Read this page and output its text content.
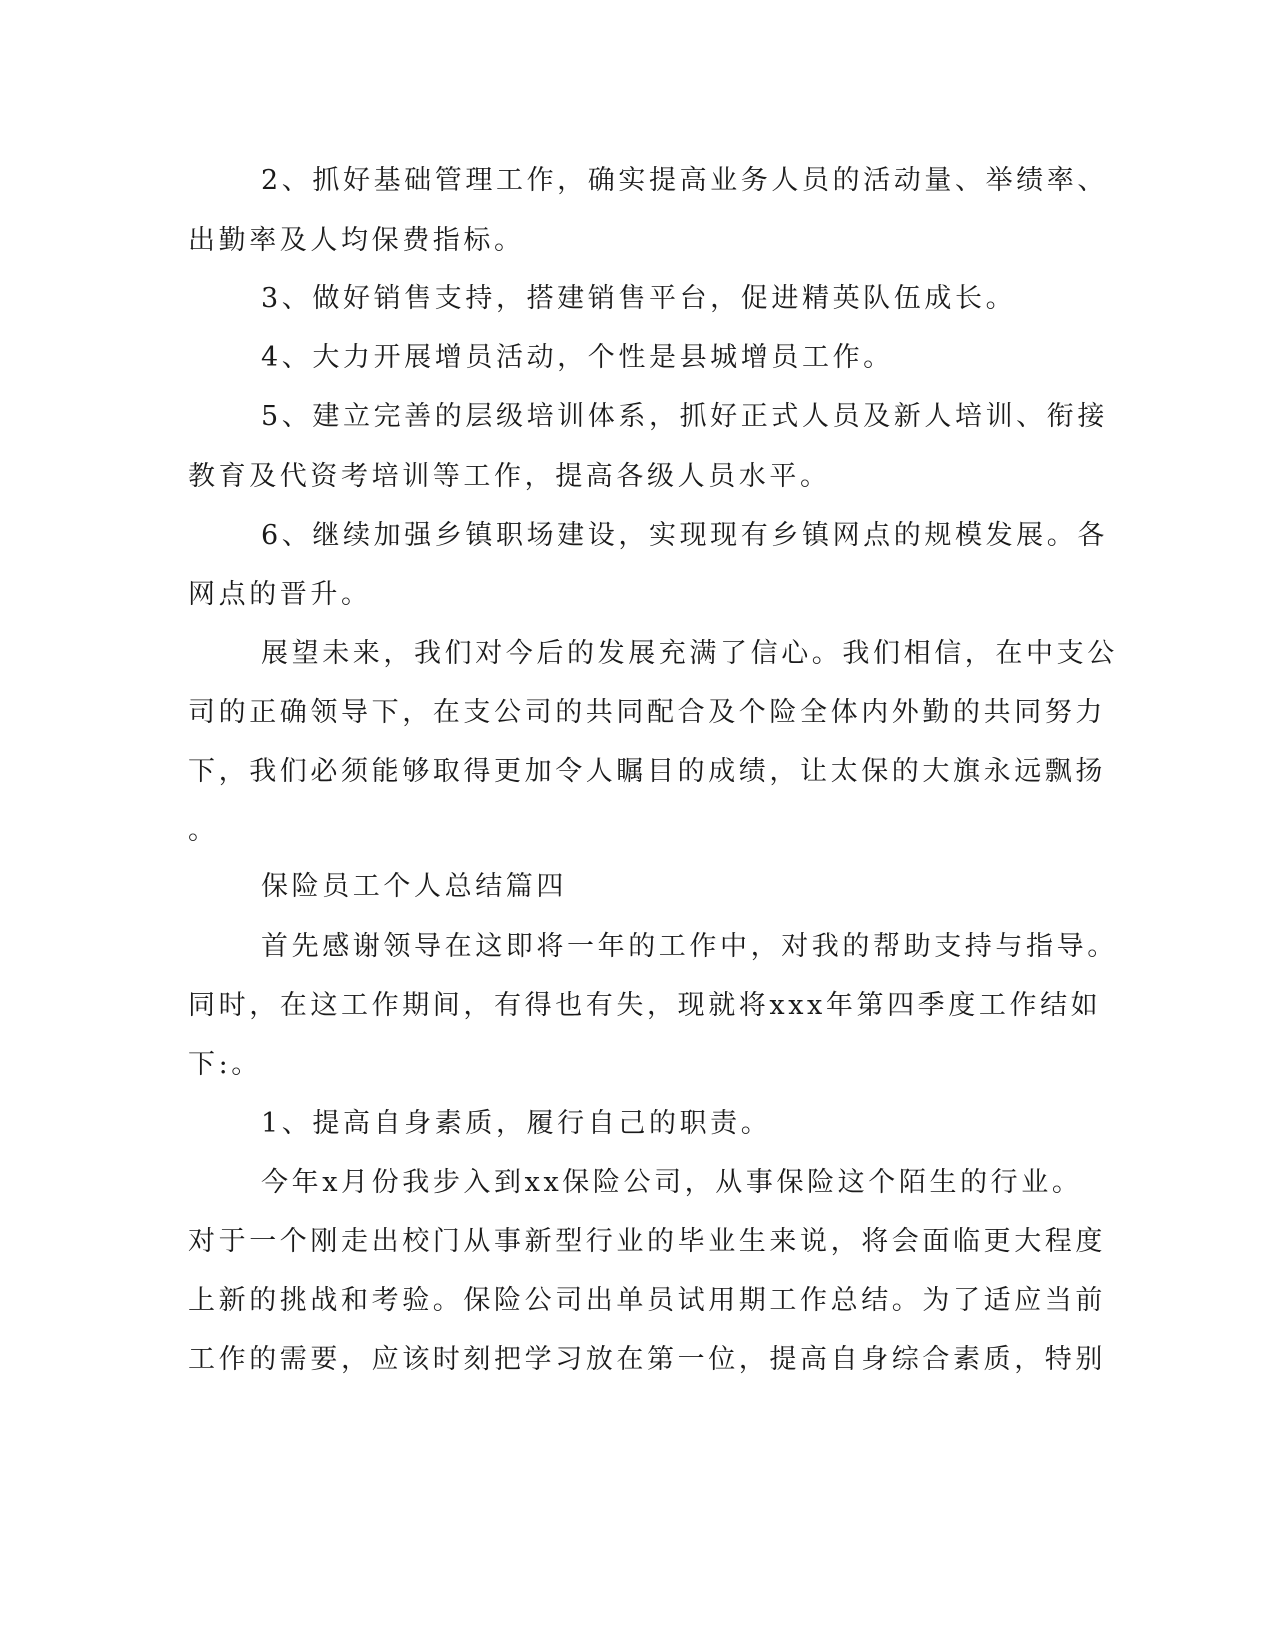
2、抓好基础管理工作，确实提高业务人员的活动量、举绩率、

出勤率及人均保费指标。

3、做好销售支持，搭建销售平台，促进精英队伍成长。

4、大力开展增员活动，个性是县城增员工作。

5、建立完善的层级培训体系，抓好正式人员及新人培训、衔接

教育及代资考培训等工作，提高各级人员水平。

6、继续加强乡镇职场建设，实现现有乡镇网点的规模发展。各

网点的晋升。

展望未来，我们对今后的发展充满了信心。我们相信，在中支公

司的正确领导下，在支公司的共同配合及个险全体内外勤的共同努力

下，我们必须能够取得更加令人瞩目的成绩，让太保的大旗永远飘扬

。

保险员工个人总结篇四

首先感谢领导在这即将一年的工作中，对我的帮助支持与指导。

同时，在这工作期间，有得也有失，现就将xxx年第四季度工作结如

下:。

1、提高自身素质，履行自己的职责。

今年x月份我步入到xx保险公司，从事保险这个陌生的行业。

对于一个刚走出校门从事新型行业的毕业生来说，将会面临更大程度

上新的挑战和考验。保险公司出单员试用期工作总结。为了适应当前

工作的需要，应该时刻把学习放在第一位，提高自身综合素质，特别
